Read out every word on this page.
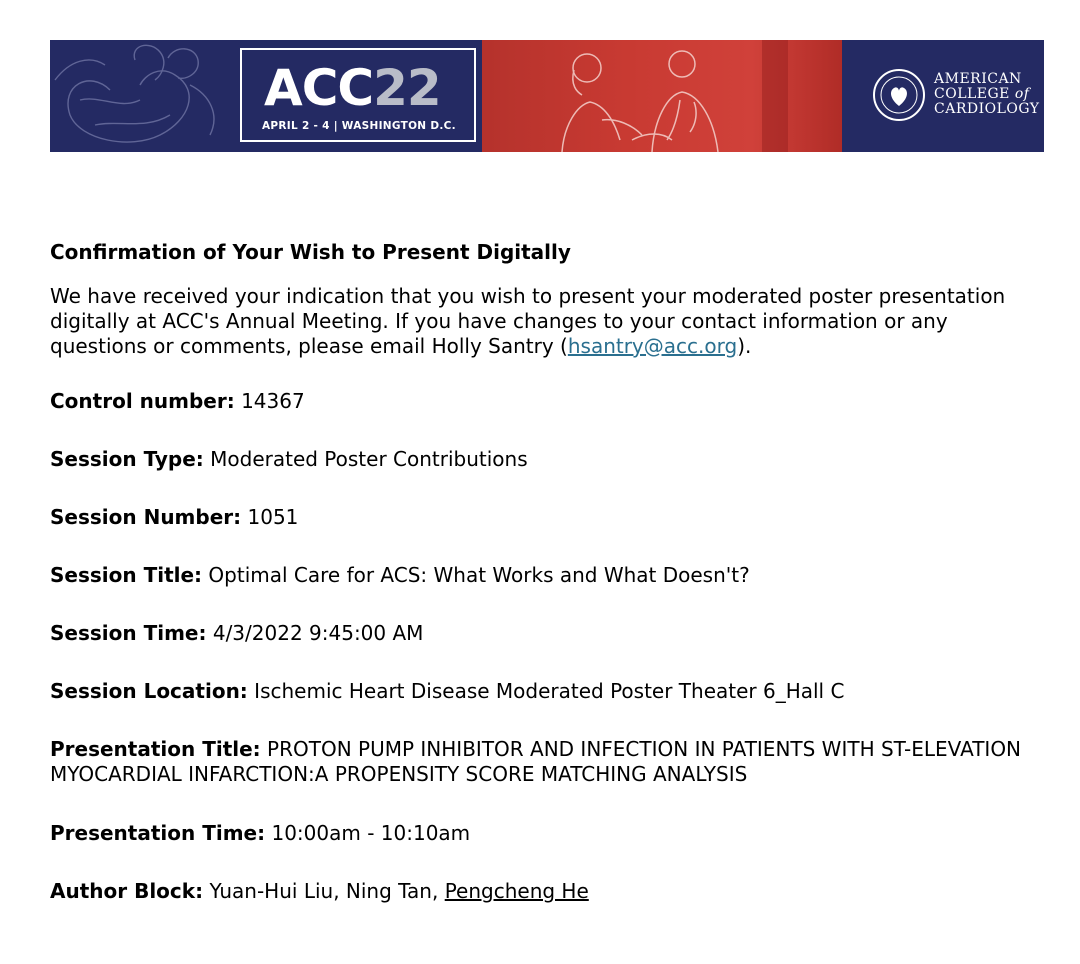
ACC22
APRIL 2 - 4 | WASHINGTON D.C.
AMERICAN
COLLEGE of
CARDIOLOGY
Confirmation of Your Wish to Present Digitally
We have received your indication that you wish to present your moderated poster presentation digitally at ACC's Annual Meeting. If you have changes to your contact information or any questions or comments, please email Holly Santry (hsantry@acc.org).
Control number: 14367
Session Type: Moderated Poster Contributions
Session Number: 1051
Session Title: Optimal Care for ACS: What Works and What Doesn't?
Session Time: 4/3/2022 9:45:00 AM
Session Location: Ischemic Heart Disease Moderated Poster Theater 6_Hall C
Presentation Title: PROTON PUMP INHIBITOR AND INFECTION IN PATIENTS WITH ST-ELEVATION MYOCARDIAL INFARCTION:A PROPENSITY SCORE MATCHING ANALYSIS
Presentation Time: 10:00am - 10:10am
Author Block: Yuan-Hui Liu, Ning Tan, Pengcheng He
